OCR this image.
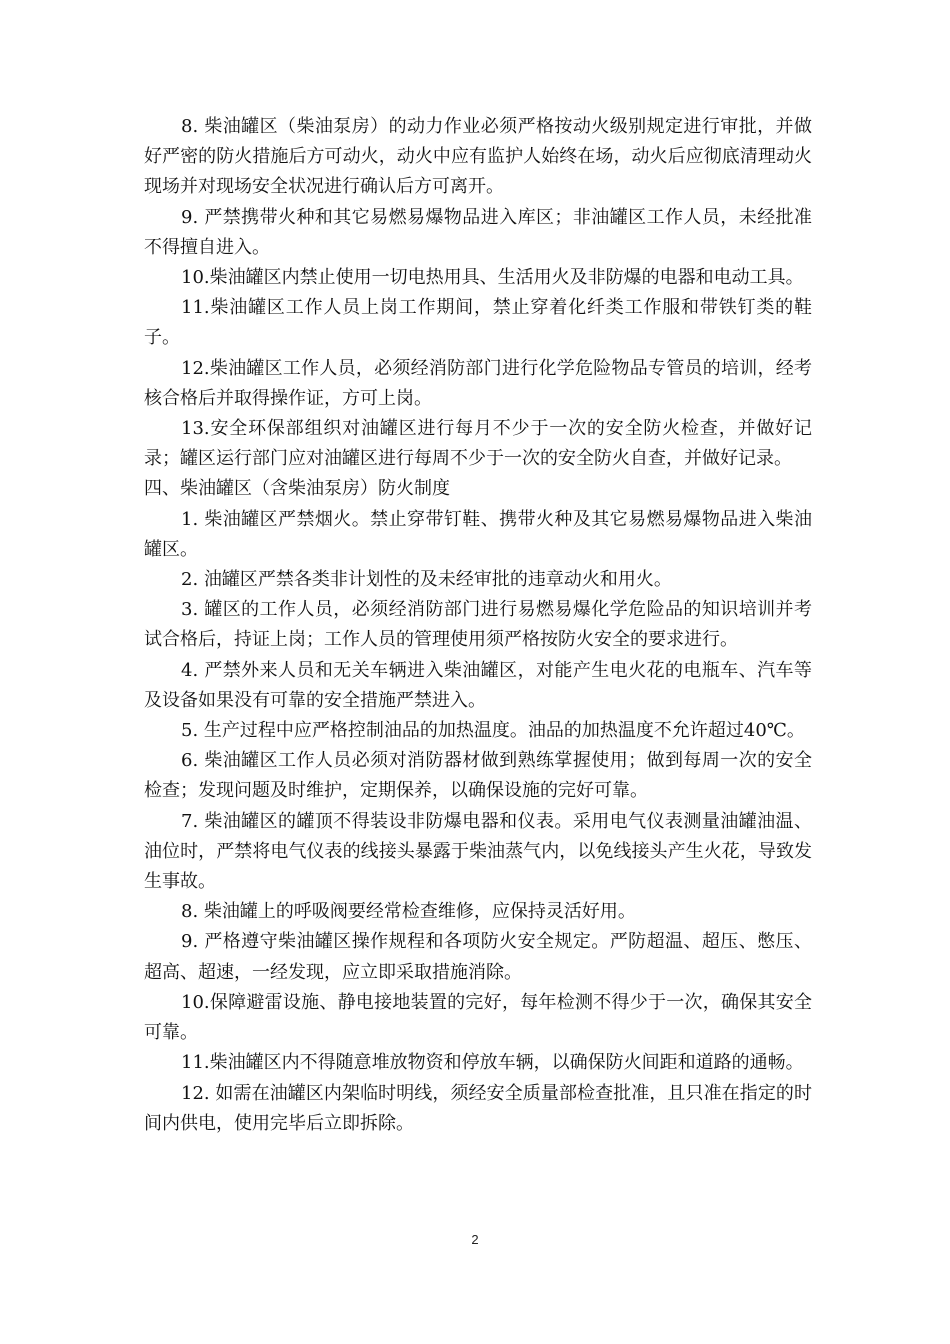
8. 柴油罐区（柴油泵房）的动力作业必须严格按动火级别规定进行审批，并做好严密的防火措施后方可动火，动火中应有监护人始终在场，动火后应彻底清理动火现场并对现场安全状况进行确认后方可离开。

9. 严禁携带火种和其它易燃易爆物品进入库区；非油罐区工作人员，未经批准不得擅自进入。

10.柴油罐区内禁止使用一切电热用具、生活用火及非防爆的电器和电动工具。

11.柴油罐区工作人员上岗工作期间，禁止穿着化纤类工作服和带铁钉类的鞋子。

12.柴油罐区工作人员，必须经消防部门进行化学危险物品专管员的培训，经考核合格后并取得操作证，方可上岗。

13.安全环保部组织对油罐区进行每月不少于一次的安全防火检查，并做好记录；罐区运行部门应对油罐区进行每周不少于一次的安全防火自查，并做好记录。

四、柴油罐区（含柴油泵房）防火制度

1. 柴油罐区严禁烟火。禁止穿带钉鞋、携带火种及其它易燃易爆物品进入柴油罐区。

2. 油罐区严禁各类非计划性的及未经审批的违章动火和用火。

3. 罐区的工作人员，必须经消防部门进行易燃易爆化学危险品的知识培训并考试合格后，持证上岗；工作人员的管理使用须严格按防火安全的要求进行。

4. 严禁外来人员和无关车辆进入柴油罐区，对能产生电火花的电瓶车、汽车等及设备如果没有可靠的安全措施严禁进入。

5. 生产过程中应严格控制油品的加热温度。油品的加热温度不允许超过40℃。

6. 柴油罐区工作人员必须对消防器材做到熟练掌握使用；做到每周一次的安全检查；发现问题及时维护，定期保养，以确保设施的完好可靠。

7. 柴油罐区的罐顶不得装设非防爆电器和仪表。采用电气仪表测量油罐油温、油位时，严禁将电气仪表的线接头暴露于柴油蒸气内，以免线接头产生火花，导致发生事故。

8. 柴油罐上的呼吸阀要经常检查维修，应保持灵活好用。

9. 严格遵守柴油罐区操作规程和各项防火安全规定。严防超温、超压、憋压、超高、超速，一经发现，应立即采取措施消除。

10.保障避雷设施、静电接地装置的完好，每年检测不得少于一次，确保其安全可靠。

11.柴油罐区内不得随意堆放物资和停放车辆，以确保防火间距和道路的通畅。

12. 如需在油罐区内架临时明线，须经安全质量部检查批准，且只准在指定的时间内供电，使用完毕后立即拆除。

2
